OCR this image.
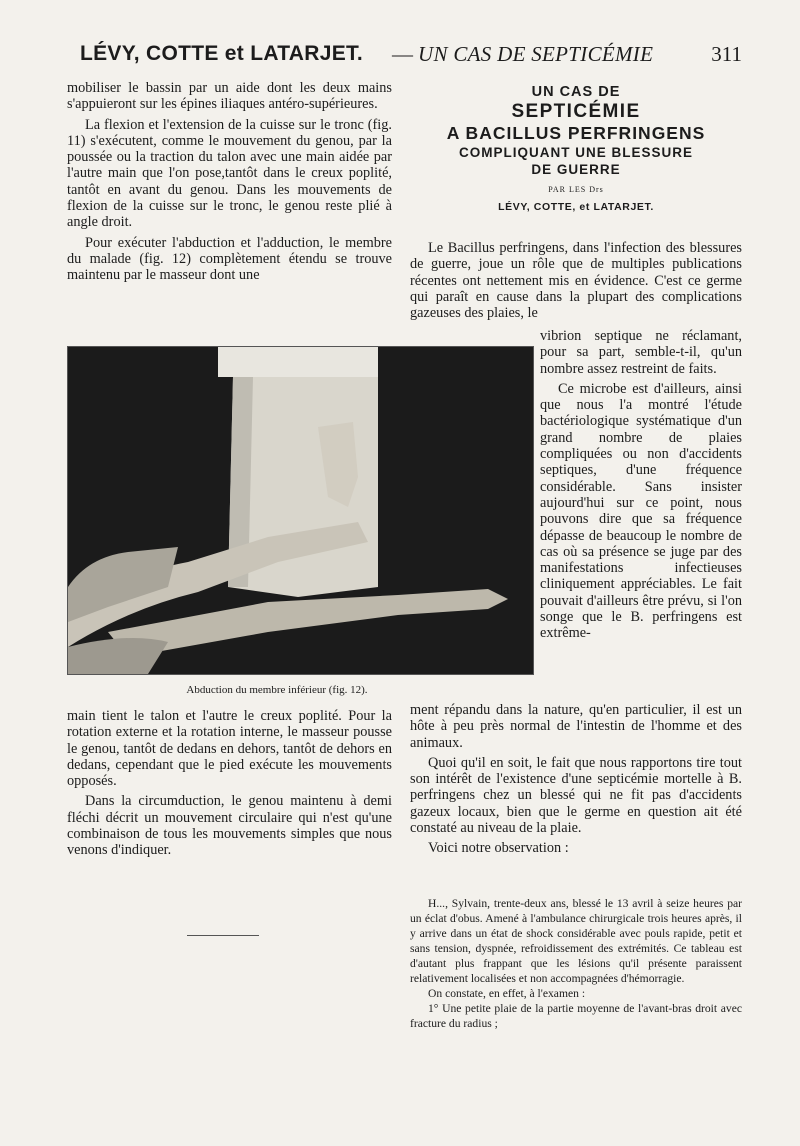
LÉVY, COTTE et LATARJET. — UN CAS DE SEPTICÉMIE	311

mobiliser le bassin par un aide dont les deux mains s'appuieront sur les épines iliaques antéro-supérieures.

La flexion et l'extension de la cuisse sur le tronc (fig. 11) s'exécutent, comme le mouvement du genou, par la poussée ou la traction du talon avec une main aidée par l'autre main que l'on pose,tantôt dans le creux poplité, tantôt en avant du genou. Dans les mouvements de flexion de la cuisse sur le tronc, le genou reste plié à angle droit.

Pour exécuter l'abduction et l'adduction, le membre du malade (fig. 12) complètement étendu se trouve maintenu par le masseur dont une

Abduction du membre inférieur (fig. 12).

main tient le talon et l'autre le creux poplité. Pour la rotation externe et la rotation interne, le masseur pousse le genou, tantôt de dedans en dehors, tantôt de dehors en dedans, cependant que le pied exécute les mouvements opposés.

Dans la circumduction, le genou maintenu à demi fléchi décrit un mouvement circulaire qui n'est qu'une combinaison de tous les mouvements simples que nous venons d'indiquer.

UN CAS DE
SEPTICÉMIE
A BACILLUS PERFRINGENS
COMPLIQUANT UNE BLESSURE
DE GUERRE
PAR LES Drs
LÉVY, COTTE, et LATARJET.

Le Bacillus perfringens, dans l'infection des blessures de guerre, joue un rôle que de multiples publications récentes ont nettement mis en évidence. C'est ce germe qui paraît en cause dans la plupart des complications gazeuses des plaies, le

vibrion septique ne réclamant, pour sa part, semble-t-il, qu'un nombre assez restreint de faits.

Ce microbe est d'ailleurs, ainsi que nous l'a montré l'étude bactériologique systématique d'un grand nombre de plaies compliquées ou non d'accidents septiques, d'une fréquence considérable. Sans insister aujourd'hui sur ce point, nous pouvons dire que sa fréquence dépasse de beaucoup le nombre de cas où sa présence se juge par des manifestations infectieuses cliniquement appréciables. Le fait pouvait d'ailleurs être prévu, si l'on songe que le B. perfringens est extrême-

ment répandu dans la nature, qu'en particulier, il est un hôte à peu près normal de l'intestin de l'homme et des animaux.

Quoi qu'il en soit, le fait que nous rapportons tire tout son intérêt de l'existence d'une septicémie mortelle à B. perfringens chez un blessé qui ne fit pas d'accidents gazeux locaux, bien que le germe en question ait été constaté au niveau de la plaie.

Voici notre observation :

H..., Sylvain, trente-deux ans, blessé le 13 avril à seize heures par un éclat d'obus. Amené à l'ambulance chirurgicale trois heures après, il y arrive dans un état de shock considérable avec pouls rapide, petit et sans tension, dyspnée, refroidissement des extrémités. Ce tableau est d'autant plus frappant que les lésions qu'il présente paraissent relativement localisées et non accompagnées d'hémorragie.

On constate, en effet, à l'examen :

1° Une petite plaie de la partie moyenne de l'avant-bras droit avec fracture du radius ;
